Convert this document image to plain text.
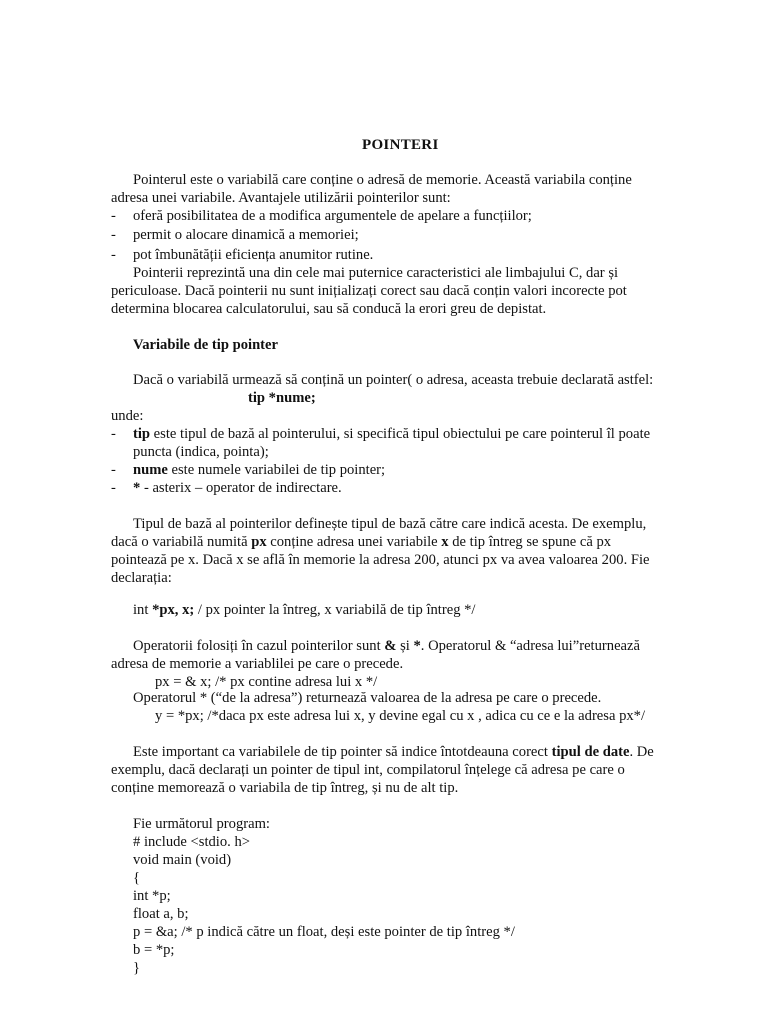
POINTERI
Pointerul este o variabilă care conține o adresă de memorie. Această variabila conține
adresa unei variabile. Avantajele utilizării pointerilor sunt:
- oferă posibilitatea de a modifica argumentele de apelare a funcțiilor;
- permit o alocare dinamică a memoriei;
- pot îmbunătății eficiența anumitor rutine.
Pointerii reprezintă una din cele mai puternice caracteristici ale limbajului C, dar și
periculoase. Dacă pointerii nu sunt inițializați corect sau dacă conțin valori incorecte pot
determina blocarea calculatorului, sau să conducă la erori greu de depistat.
Variabile de tip pointer
Dacă o variabilă urmează să conțină un pointer( o adresa, aceasta trebuie declarată astfel:
tip *nume;
unde:
- tip este tipul de bază al pointerului, si specifică tipul obiectului pe care pointerul îl poate
puncta (indica, pointa);
- nume este numele variabilei de tip pointer;
- * - asterix – operator de indirectare.
Tipul de bază al pointerilor definește tipul de bază către care indică acesta. De exemplu,
dacă o variabilă numită px conține adresa unei variabile x de tip întreg se spune că px
pointează pe x. Dacă x se află în memorie la adresa 200, atunci px va avea valoarea 200. Fie
declarația:
int *px, x; / px pointer la întreg, x variabilă de tip întreg */
Operatorii folosiți în cazul pointerilor sunt & și *. Operatorul & “adresa lui”returnează
adresa de memorie a variablilei pe care o precede.
px = & x; /* px contine adresa lui x */
Operatorul * (“de la adresa”) returnează valoarea de la adresa pe care o precede.
y = *px; /*daca px este adresa lui x, y devine egal cu x , adica cu ce e la adresa px*/
Este important ca variabilele de tip pointer să indice întotdeauna corect tipul de date. De
exemplu, dacă declarați un pointer de tipul int, compilatorul înțelege că adresa pe care o
conține memorează o variabila de tip întreg, și nu de alt tip.
Fie următorul program:
# include <stdio. h>
void main (void)
{
int *p;
float a, b;
p = &a; /* p indică către un float, deși este pointer de tip întreg */
b = *p;
}
